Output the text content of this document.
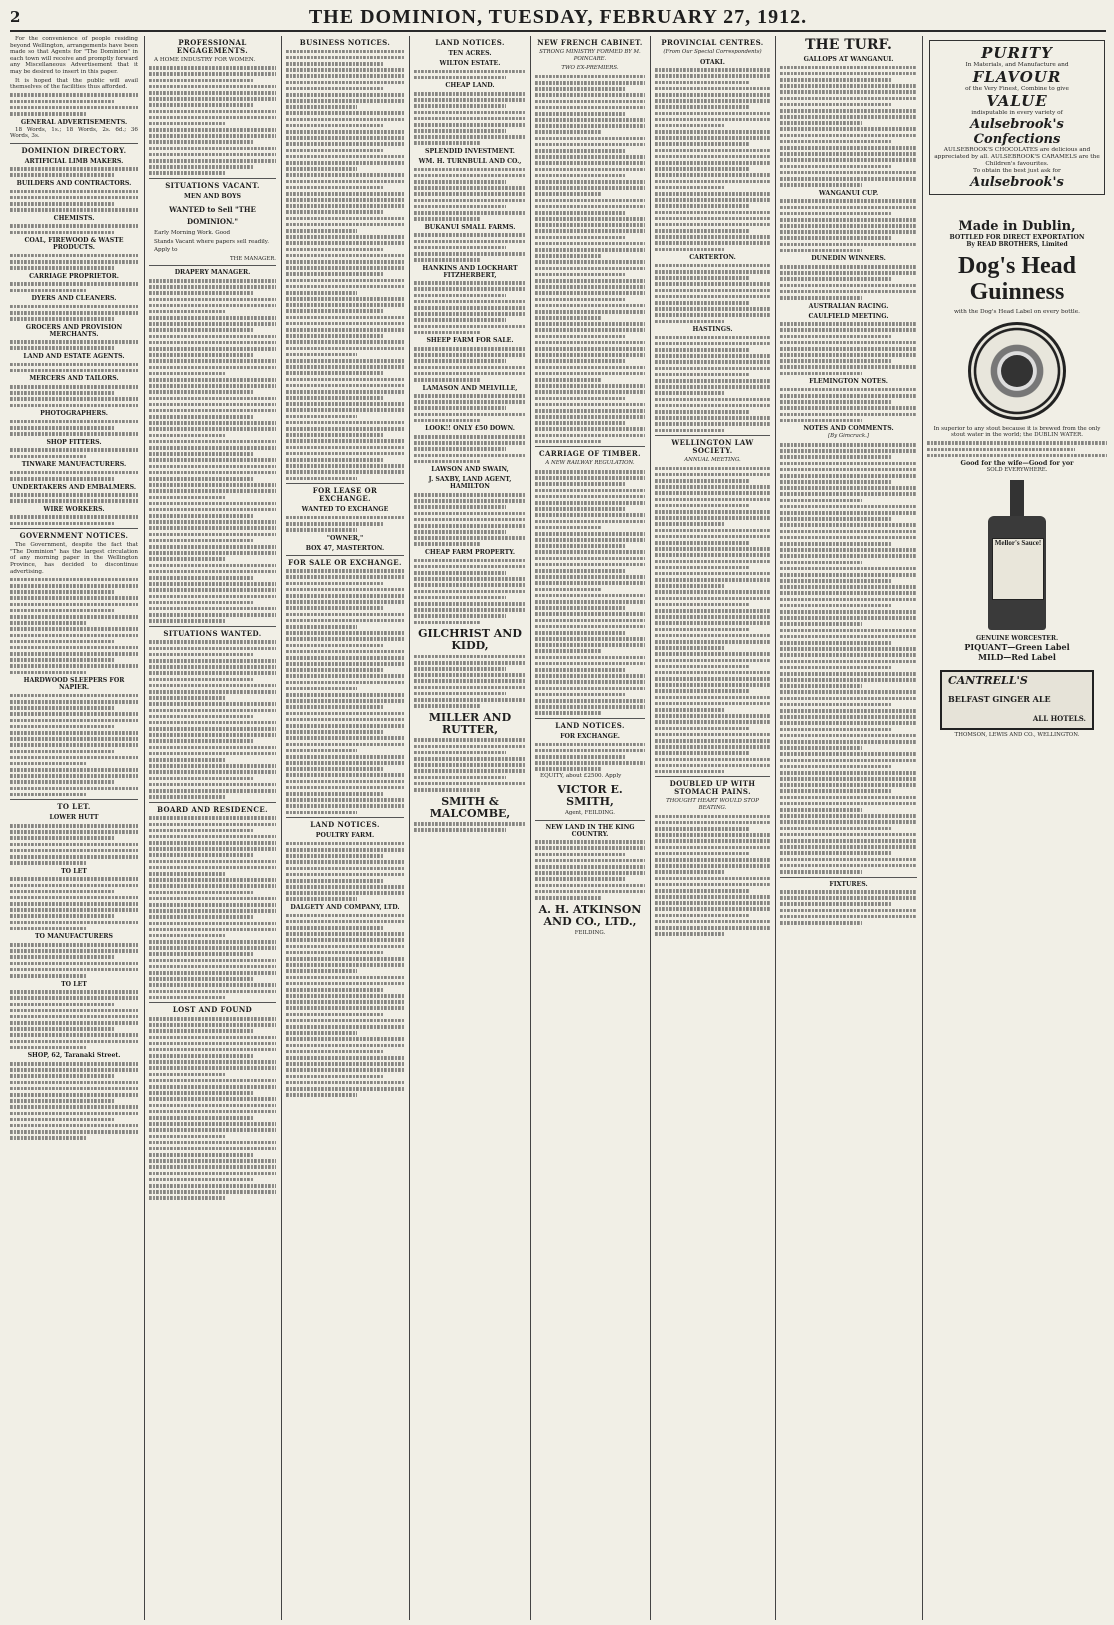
2	THE DOMINION, TUESDAY, FEBRUARY 27, 1912.

For the convenience of people residing beyond Wellington, arrangements have been made so that Agents for "The Dominion" in each town will receive and promptly forward any Miscellaneous Advertisement that it may be desired to insert in this paper.

It is hoped that the public will avail themselves of the facilities thus afforded.

GENERAL ADVERTISEMENTS.

18 Words, 1s.; 18 Words, 2s. 6d.; 36 Words, 3s.

DOMINION DIRECTORY.
ARTIFICIAL LIMB MAKERS.
BUILDERS AND CONTRACTORS.
CHEMISTS.
COAL, FIREWOOD & WASTE PRODUCTS.
CARRIAGE PROPRIETOR.
DYERS AND CLEANERS.
GROCERS AND PROVISION MERCHANTS.
LAND AND ESTATE AGENTS.
MERCERS AND TAILORS.
PHOTOGRAPHERS.
SHOP FITTERS.
TINWARE MANUFACTURERS.
UNDERTAKERS AND EMBALMERS.
WIRE WORKERS.
GOVERNMENT NOTICES.

The Government, despite the fact that "The Dominion" has the largest circulation of any morning paper in the Wellington Province, has decided to discontinue advertising.

HARDWOOD SLEEPERS FOR NAPIER.
TO LET.
LOWER HUTT
TO LET
TO MANUFACTURERS
TO LET
SHOP, 62, Taranaki Street.
PROFESSIONAL ENGAGEMENTS.

A HOME INDUSTRY FOR WOMEN.

SITUATIONS VACANT.
MEN AND BOYS
WANTED to Sell "THE DOMINION."

Early Morning Work. Good

Stands Vacant where papers sell readily.

Apply to

THE MANAGER.
DRAPERY MANAGER.
SITUATIONS WANTED.
BOARD AND RESIDENCE.
LOST AND FOUND
BUSINESS NOTICES.
FOR LEASE OR EXCHANGE.
WANTED TO EXCHANGE
"OWNER,"
BOX 47, MASTERTON.
FOR SALE OR EXCHANGE.
LAND NOTICES.
POULTRY FARM.
DALGETY AND COMPANY, LTD.
LAND NOTICES.
TEN ACRES.
WILTON ESTATE.
CHEAP LAND.
SPLENDID INVESTMENT.
WM. H. TURNBULL AND CO.,
BUKANUI SMALL FARMS.
HANKINS AND LOCKHART FITZHERBERT,
SHEEP FARM FOR SALE.
LAMASON AND MELVILLE,
LOOK!! ONLY £50 DOWN.
LAWSON AND SWAIN,
J. SAXBY, LAND AGENT, HAMILTON
CHEAP FARM PROPERTY.
GILCHRIST AND KIDD,
MILLER AND RUTTER,
SMITH & MALCOMBE,
NEW FRENCH CABINET.
STRONG MINISTRY FORMED BY M. POINCARE.
TWO EX-PREMIERS.
CARRIAGE OF TIMBER.
A NEW RAILWAY REGULATION.
LAND NOTICES.
FOR EXCHANGE.

EQUITY, about £2500. Apply

VICTOR E. SMITH,
Agent, FEILDING.
NEW LAND IN THE KING COUNTRY.
A. H. ATKINSON AND CO., LTD.,
FEILDING.
PROVINCIAL CENTRES.
(From Our Special Correspondents)
OTAKI.
CARTERTON.
HASTINGS.
WELLINGTON LAW SOCIETY.
ANNUAL MEETING.
DOUBLED UP WITH STOMACH PAINS.
THOUGHT HEART WOULD STOP BEATING.
THE TURF.
GALLOPS AT WANGANUI.
WANGANUI CUP.
DUNEDIN WINNERS.
AUSTRALIAN RACING.
CAULFIELD MEETING.
FLEMINGTON NOTES.
NOTES AND COMMENTS.
[By Gimcrack.]
FIXTURES.
PURITY
In Materials, and Manufacture and
FLAVOUR
of the Very Finest, Combine to give
VALUE
indisputable in every variety of
Aulsebrook's Confections
AULSEBROOK'S CHOCOLATES are delicious and appreciated by all. AULSEBROOK'S CARAMELS are the Children's favourites.
To obtain the best just ask for
Aulsebrook's
Made in Dublin,
BOTTLED FOR DIRECT EXPORTATION
By READ BROTHERS, Limited
Dog's Head Guinness
with the Dog's Head Label on every bottle.
In superior to any stout because it is brewed from the only stout water in the world; the DUBLIN WATER.
Good for the wife—Good for yor
SOLD EVERYWHERE.
Mellor's Sauce!
GENUINE WORCESTER.
PIQUANT—Green Label
MILD—Red Label
CANTRELL'S
BELFAST GINGER ALE
ALL HOTELS.
THOMSON, LEWIS AND CO., WELLINGTON.
